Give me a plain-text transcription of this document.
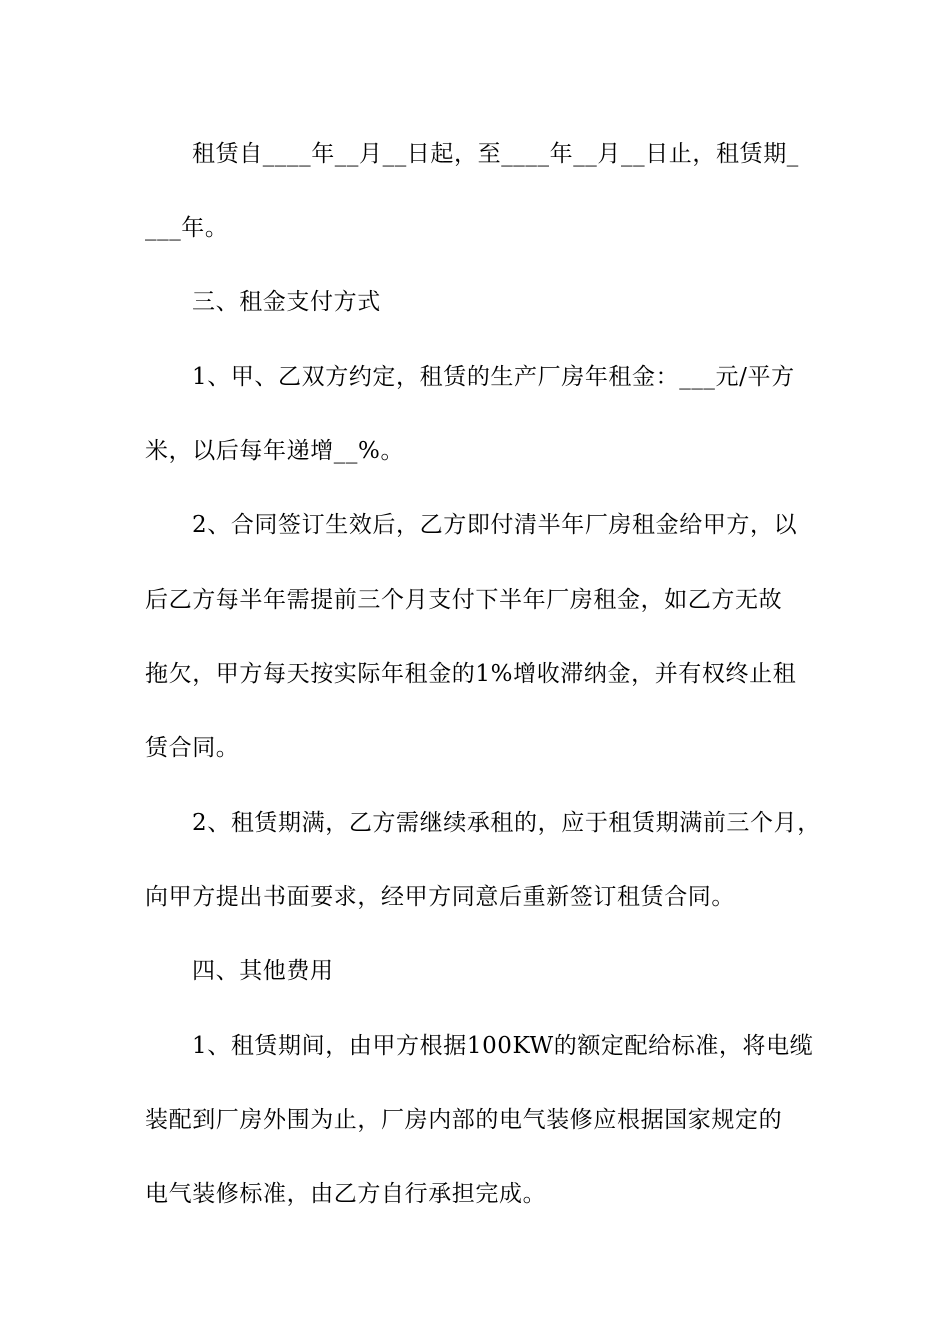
租赁自____年__月__日起，至____年__月__日止，租赁期_
___年。
三、租金支付方式
1、甲、乙双方约定，租赁的生产厂房年租金：___元/平方
米，以后每年递增__%。
2、合同签订生效后，乙方即付清半年厂房租金给甲方，以
后乙方每半年需提前三个月支付下半年厂房租金，如乙方无故
拖欠，甲方每天按实际年租金的1%增收滞纳金，并有权终止租
赁合同。
2、租赁期满，乙方需继续承租的，应于租赁期满前三个月，
向甲方提出书面要求，经甲方同意后重新签订租赁合同。
四、其他费用
1、租赁期间，由甲方根据100KW的额定配给标准，将电缆
装配到厂房外围为止，厂房内部的电气装修应根据国家规定的
电气装修标准，由乙方自行承担完成。
